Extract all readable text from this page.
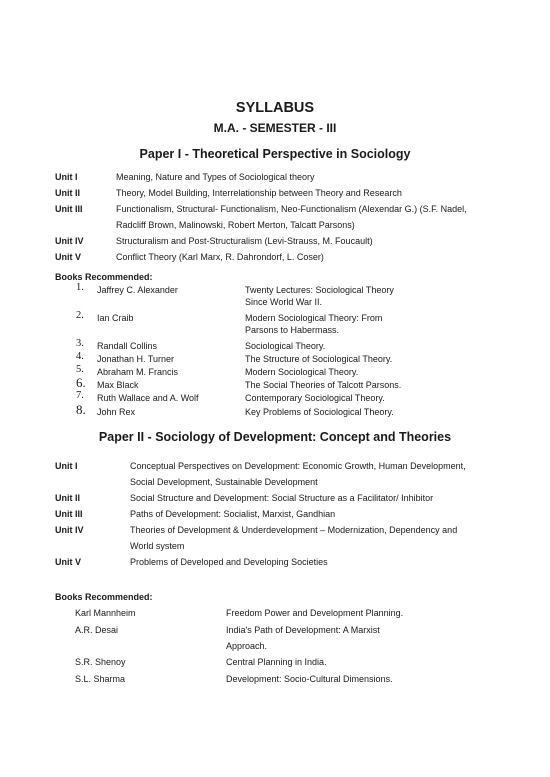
SYLLABUS
M.A. - SEMESTER - III
Paper I - Theoretical Perspective in Sociology
Unit I	Meaning, Nature and Types of Sociological theory
Unit II	Theory, Model Building, Interrelationship between Theory and Research
Unit III	Functionalism, Structural- Functionalism, Neo-Functionalism (Alexendar G.) (S.F. Nadel,
Radcliff Brown, Malinowski, Robert Merton, Talcatt Parsons)
Unit IV	Structuralism and Post-Structuralism (Levi-Strauss, M. Foucault)
Unit V	Conflict Theory (Karl Marx, R. Dahrondorf, L. Coser)
Books Recommended:
1. Jaffrey C. Alexander	Twenty Lectures: Sociological Theory
Since World War II.
2. Ian Craib	Modern Sociological Theory: From
Parsons to Habermass.
3. Randall Collins	Sociological Theory.
4. Jonathan H. Turner	The Structure of Sociological Theory.
5. Abraham M. Francis	Modern Sociological Theory.
6. Max Black	The Social Theories of Talcott Parsons.
7. Ruth Wallace and A. Wolf	Contemporary Sociological Theory.
8. John Rex	Key Problems of Sociological Theory.
Paper II - Sociology of Development: Concept and Theories
Unit I	Conceptual Perspectives on Development: Economic Growth, Human Development,
Social Development, Sustainable Development
Unit II	Social Structure and Development: Social Structure as a Facilitator/ Inhibitor
Unit III	Paths of Development: Socialist, Marxist, Gandhian
Unit IV	Theories of Development & Underdevelopment – Modernization, Dependency and
World system
Unit V	Problems of Developed and Developing Societies
Books Recommended:
Karl Mannheim	Freedom Power and Development Planning.
A.R. Desai	India's Path of Development: A Marxist
Approach.
S.R. Shenoy	Central Planning in India.
S.L. Sharma	Development: Socio-Cultural Dimensions.
